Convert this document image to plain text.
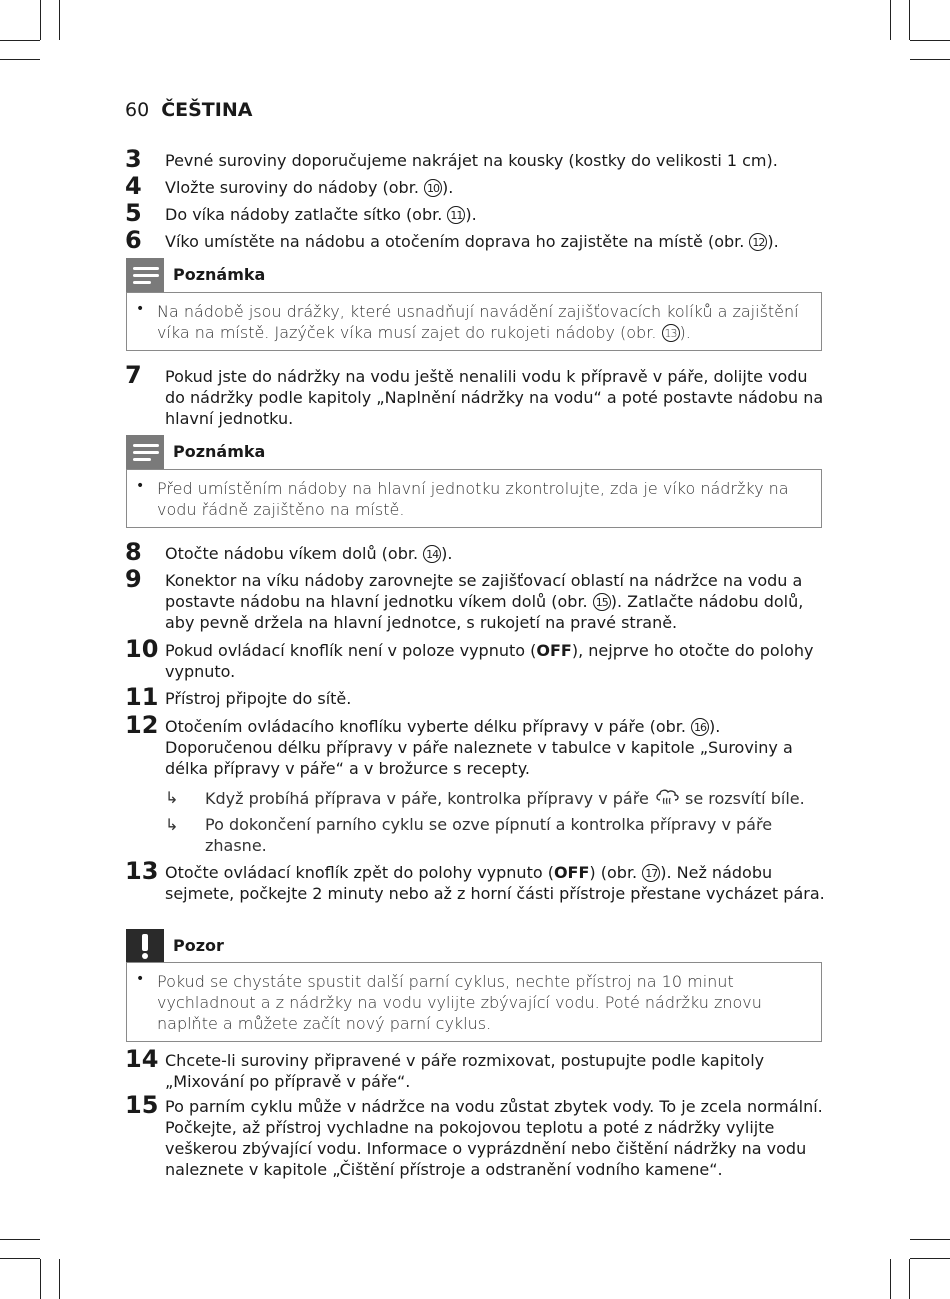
60 ČEŠTINA
3 Pevné suroviny doporučujeme nakrájet na kousky (kostky do velikosti 1 cm).
4 Vložte suroviny do nádoby (obr. 10 ).
5 Do víka nádoby zatlačte sítko (obr. 11 ).
6 Víko umístěte na nádobu a otočením doprava ho zajistěte na místě (obr. 12 ).
Poznámka
• Na nádobě jsou drážky, které usnadňují navádění zajišťovacích kolíků a zajištění víka na místě. Jazýček víka musí zajet do rukojeti nádoby (obr. 13 ).
7 Pokud jste do nádržky na vodu ještě nenalili vodu k přípravě v páře, dolijte vodu do nádržky podle kapitoly „Naplnění nádržky na vodu“ a poté postavte nádobu na hlavní jednotku.
Poznámka
• Před umístěním nádoby na hlavní jednotku zkontrolujte, zda je víko nádržky na vodu řádně zajištěno na místě.
8 Otočte nádobu víkem dolů (obr. 14 ).
9 Konektor na víku nádoby zarovnejte se zajišťovací oblastí na nádržce na vodu a postavte nádobu na hlavní jednotku víkem dolů (obr. 15 ). Zatlačte nádobu dolů, aby pevně držela na hlavní jednotce, s rukojetí na pravé straně.
10 Pokud ovládací knoflík není v poloze vypnuto (OFF), nejprve ho otočte do polohy vypnuto.
11 Přístroj připojte do sítě.
12 Otočením ovládacího knoflíku vyberte délku přípravy v páře (obr. 16 ). Doporučenou délku přípravy v páře naleznete v tabulce v kapitole „Suroviny a délka přípravy v páře“ a v brožurce s recepty.
↳ Když probíhá příprava v páře, kontrolka přípravy v páře  se rozsvítí bíle.
↳ Po dokončení parního cyklu se ozve pípnutí a kontrolka přípravy v páře zhasne.
13 Otočte ovládací knoflík zpět do polohy vypnuto (OFF) (obr. 17 ). Než nádobu sejmete, počkejte 2 minuty nebo až z horní části přístroje přestane vycházet pára.
Pozor
• Pokud se chystáte spustit další parní cyklus, nechte přístroj na 10 minut vychladnout a z nádržky na vodu vylijte zbývající vodu. Poté nádržku znovu naplňte a můžete začít nový parní cyklus.
14 Chcete-li suroviny připravené v páře rozmixovat, postupujte podle kapitoly „Mixování po přípravě v páře“.
15 Po parním cyklu může v nádržce na vodu zůstat zbytek vody. To je zcela normální. Počkejte, až přístroj vychladne na pokojovou teplotu a poté z nádržky vylijte veškerou zbývající vodu. Informace o vyprázdnění nebo čištění nádržky na vodu naleznete v kapitole „Čištění přístroje a odstranění vodního kamene“.
